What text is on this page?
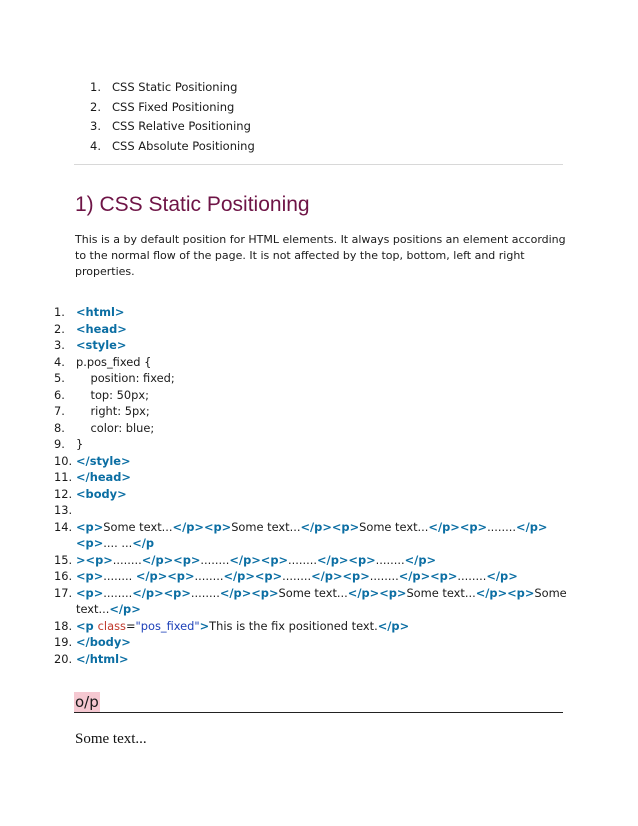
1. CSS Static Positioning
2. CSS Fixed Positioning
3. CSS Relative Positioning
4. CSS Absolute Positioning
1) CSS Static Positioning

This is a by default position for HTML elements. It always positions an element according to the normal flow of the page. It is not affected by the top, bottom, left and right properties.

1. <html>
2. <head>
3. <style>
4. p.pos_fixed {
5. position: fixed;
6. top: 50px;
7. right: 5px;
8. color: blue;
9. }
10. </style>
11. </head>
12. <body>
13.

14. <p>Some text...</p><p>Some text...</p><p>Some text...</p><p>........</p><p>.... ...</p
15. ><p>........</p><p>........</p><p>........</p><p>........</p>
16. <p>........ </p><p>........</p><p>........</p><p>........</p><p>........</p>
17. <p>........</p><p>........</p><p>Some text...</p><p>Some text...</p><p>Some text...</p>
18. <p class="pos_fixed">This is the fix positioned text.</p>
19. </body>
20. </html>
o/p
Some text...
